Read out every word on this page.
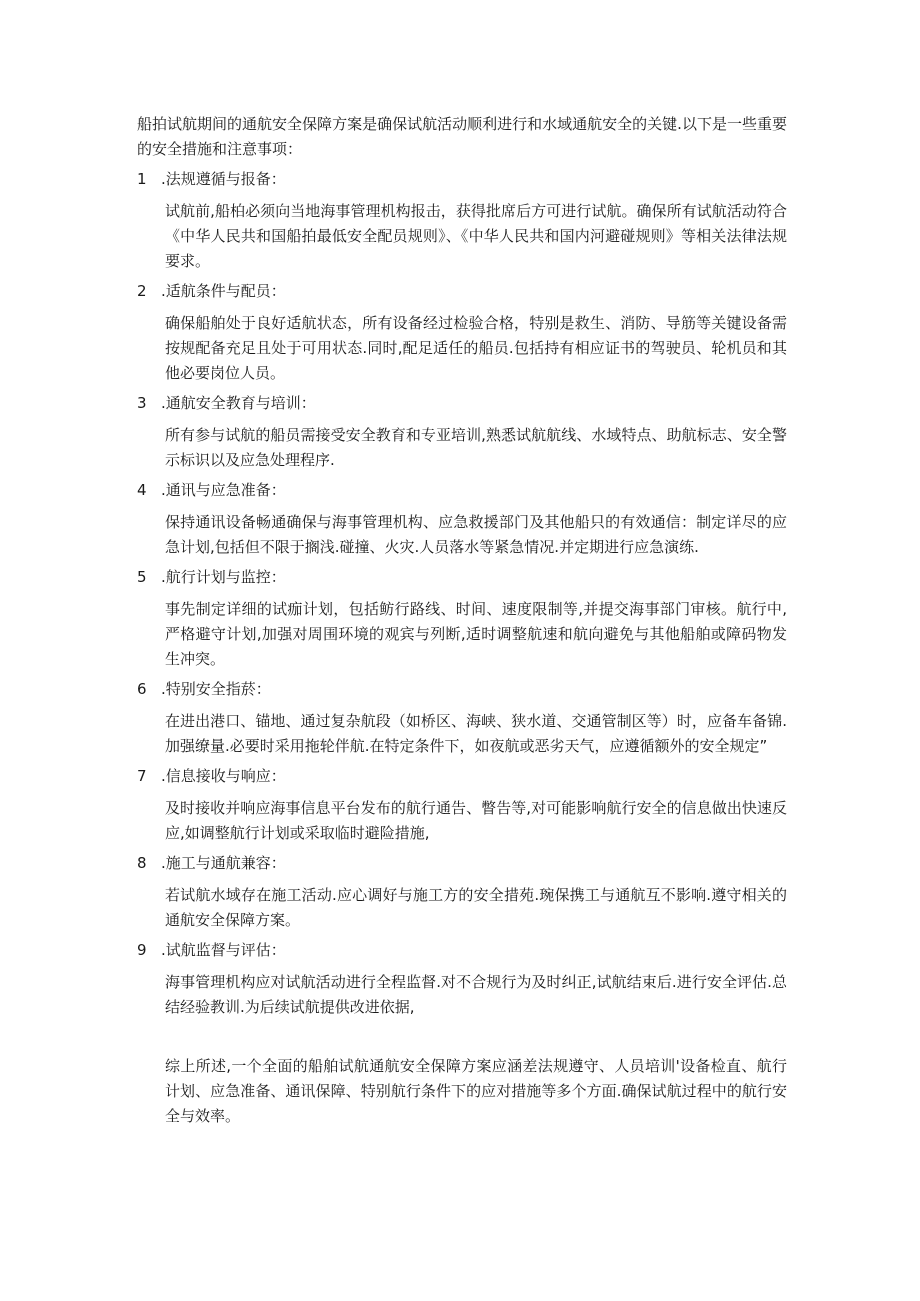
船拍试航期间的通航安全保障方案是确保试航活动顺利进行和水域通航安全的关键.以下是一些重要的安全措施和注意事项：

1 .法规遵循与报备：

试航前,船柏必须向当地海事管理机构报击，获得批席后方可进行试航。确保所有试航活动符合《中华人民共和国船拍最低安全配员规则》、《中华人民共和国内河避碰规则》等相关法律法规要求。

2 .适航条件与配员：

确保船舶处于良好适航状态，所有设备经过检验合格，特别是救生、消防、导筋等关键设备需按规配备充足且处于可用状态.同时,配足适任的船员.包括持有相应证书的驾驶员、轮机员和其他必要岗位人员。

3 .通航安全教育与培训：

所有参与试航的船员需接受安全教育和专亚培训,熟悉试航航线、水域特点、助航标志、安全警示标识以及应急处理程序.

4 .通讯与应急准备：

保持通讯设备畅通确保与海事管理机构、应急救援部门及其他船只的有效通信：制定详尽的应急计划,包括但不限于搁浅.碰撞、火灾.人员落水等紧急情况.并定期进行应急演练.

5 .航行计划与监控：

事先制定详细的试痂计划，包括鲂行路线、时间、速度限制等,并提交海事部门审核。航行中,严格避守计划,加强对周围环境的观宾与列断,适时调整航速和航向避免与其他船舶或障码物发生冲突。

6 .特别安全指菸：

在进出港口、锚地、通过复杂航段（如桥区、海峡、狭水道、交通管制区等）时，应备车备锦.加强缭量.必要时采用拖轮伴航.在特定条件下，如夜航或恶劣天气，应遵循额外的安全规定”

7 .信息接收与响应：

及时接收并响应海事信息平台发布的航行通告、瞥告等,对可能影响航行安全的信息做出快速反应,如调整航行计划或采取临时避险措施,

8 .施工与通航兼容：

若试航水域存在施工活动.应心调好与施工方的安全措苑.琬保携工与通航互不影响.遵守相关的通航安全保障方案。

9 .试航监督与评估：

海事管理机构应对试航活动进行全程监督.对不合规行为及时纠正,试航结束后.进行安全评估.总结经验教训.为后续试航提供改进依据,

综上所述,一个全面的船舶试航通航安全保障方案应涵差法规遵守、人员培训'设备检直、航行计划、应急准备、通讯保障、特别航行条件下的应对措施等多个方面.确保试航过程中的航行安全与效率。
